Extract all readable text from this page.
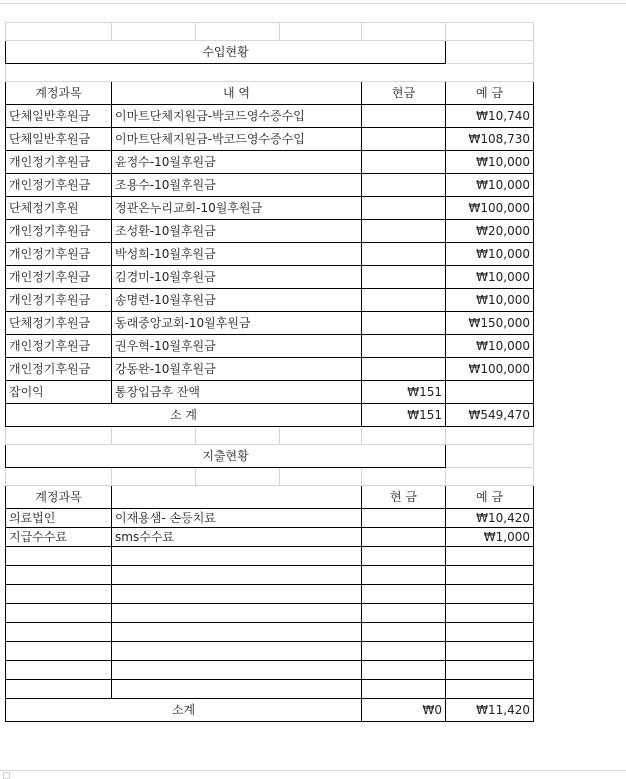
수입현황					

계정과목	내 역			현금	예 금
단체일반후원금	이마트단체지원금-박코드영수증수입				₩10,740
단체일반후원금	이마트단체지원금-박코드영수증수입				₩108,730
개인정기후원금	윤정수-10월후원금				₩10,000
개인정기후원금	조용수-10월후원금				₩10,000
단체정기후원	정관온누리교회-10월후원금				₩100,000
개인정기후원금	조성환-10월후원금				₩20,000
개인정기후원금	박성희-10월후원금				₩10,000
개인정기후원금	김경미-10월후원금				₩10,000
개인정기후원금	송명련-10월후원금				₩10,000
단체정기후원금	동래중앙교회-10월후원금				₩150,000
개인정기후원금	권우혁-10월후원금				₩10,000
개인정기후원금	강동완-10월후원금				₩100,000
잡이익	통장입금후 잔액			₩151	
소 계				₩151	₩549,470

지출현황					

계정과목				현 금	예 금
의료법인	이재용샘- 손등치료				₩10,420
지급수수료	sms수수료				₩1,000

소계				₩0	₩11,420
